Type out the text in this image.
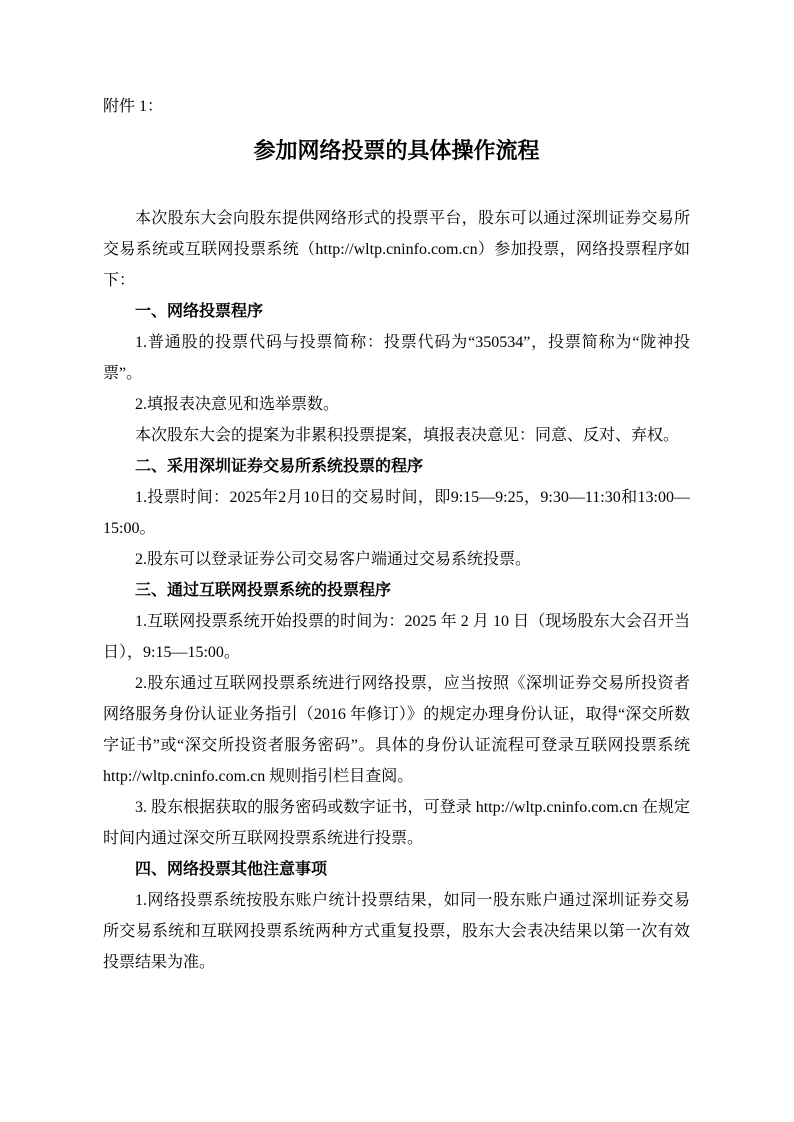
附件 1：

参加网络投票的具体操作流程

本次股东大会向股东提供网络形式的投票平台，股东可以通过深圳证券交易所交易系统或互联网投票系统（http://wltp.cninfo.com.cn）参加投票，网络投票程序如下：

一、网络投票程序

1.普通股的投票代码与投票简称：投票代码为“350534”，投票简称为“陇神投票”。

2.填报表决意见和选举票数。

本次股东大会的提案为非累积投票提案，填报表决意见：同意、反对、弃权。

二、采用深圳证券交易所系统投票的程序

1.投票时间：2025年2月10日的交易时间，即9:15—9:25，9:30—11:30和13:00—15:00。

2.股东可以登录证券公司交易客户端通过交易系统投票。

三、通过互联网投票系统的投票程序

1.互联网投票系统开始投票的时间为：2025 年 2 月 10 日（现场股东大会召开当日），9:15—15:00。

2.股东通过互联网投票系统进行网络投票，应当按照《深圳证券交易所投资者网络服务身份认证业务指引（2016 年修订）》的规定办理身份认证，取得“深交所数字证书”或“深交所投资者服务密码”。具体的身份认证流程可登录互联网投票系统 http://wltp.cninfo.com.cn 规则指引栏目查阅。

3. 股东根据获取的服务密码或数字证书，可登录 http://wltp.cninfo.com.cn 在规定时间内通过深交所互联网投票系统进行投票。

四、网络投票其他注意事项

1.网络投票系统按股东账户统计投票结果，如同一股东账户通过深圳证券交易所交易系统和互联网投票系统两种方式重复投票，股东大会表决结果以第一次有效投票结果为准。
